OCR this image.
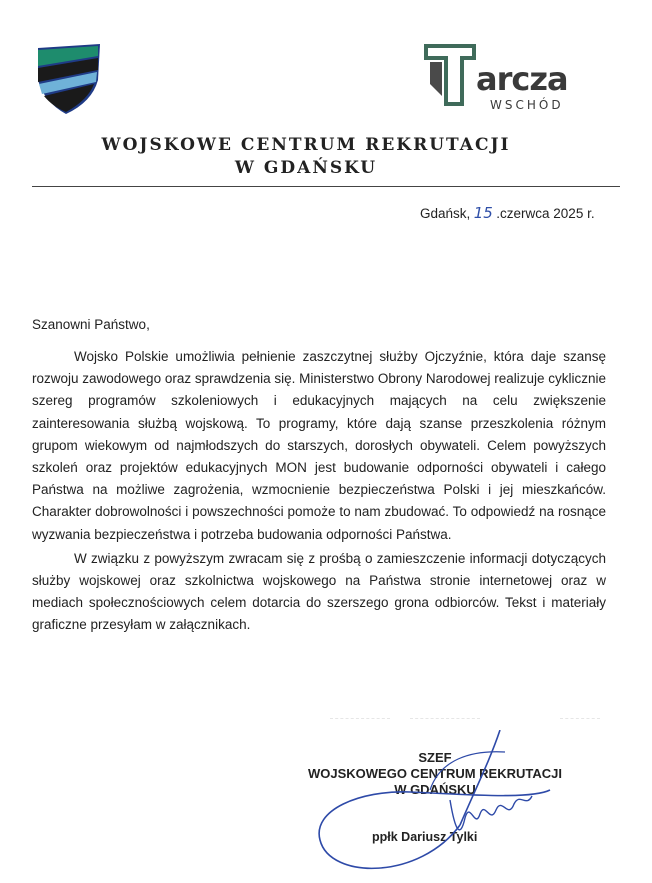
arcza
WSCHÓD
WOJSKOWE CENTRUM REKRUTACJI
W GDAŃSKU
Gdańsk, 15 .czerwca 2025 r.
Szanowni Państwo,

Wojsko Polskie umożliwia pełnienie zaszczytnej służby Ojczyźnie, która daje szansę rozwoju zawodowego oraz sprawdzenia się. Ministerstwo Obrony Narodowej realizuje cyklicznie szereg programów szkoleniowych i edukacyjnych mających na celu zwiększenie zainteresowania służbą wojskową. To programy, które dają szanse przeszkolenia różnym grupom wiekowym od najmłodszych do starszych, dorosłych obywateli. Celem powyższych szkoleń oraz projektów edukacyjnych MON jest budowanie odporności obywateli i całego Państwa na możliwe zagrożenia, wzmocnienie bezpieczeństwa Polski i jej mieszkańców. Charakter dobrowolności i powszechności pomoże to nam zbudować. To odpowiedź na rosnące wyzwania bezpieczeństwa i potrzeba budowania odporności Państwa.

W związku z powyższym zwracam się z prośbą o zamieszczenie informacji dotyczących służby wojskowej oraz szkolnictwa wojskowego na Państwa stronie internetowej oraz w mediach społecznościowych celem dotarcia do szerszego grona odbiorców. Tekst i materiały graficzne przesyłam w załącznikach.

SZEF
WOJSKOWEGO CENTRUM REKRUTACJI
W GDAŃSKU
ppłk Dariusz Tylki
